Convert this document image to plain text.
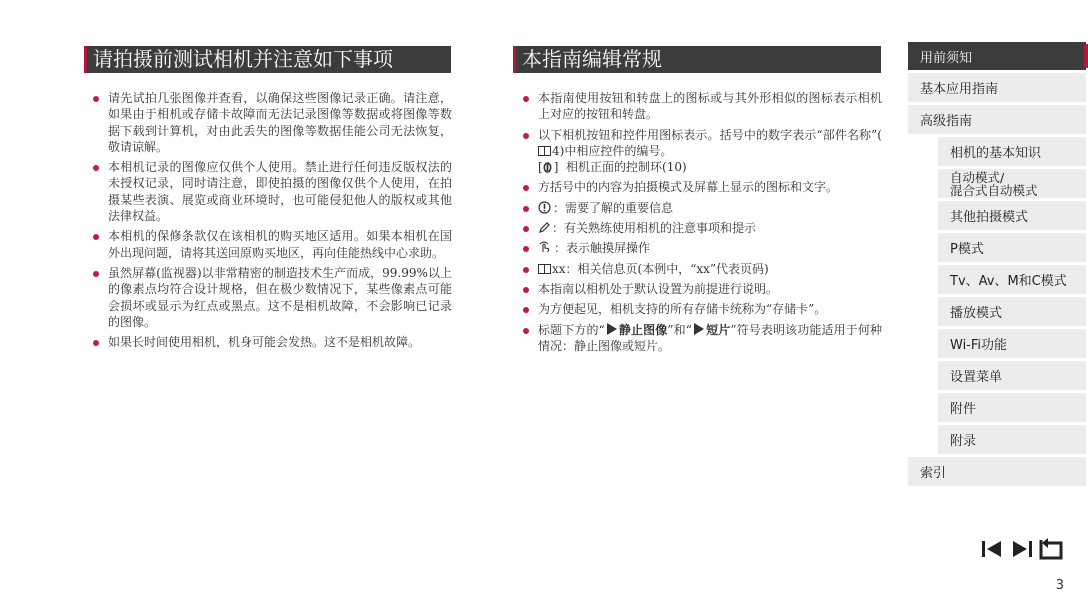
请拍摄前测试相机并注意如下事项
请先试拍几张图像并查看，以确保这些图像记录正确。请注意，如果由于相机或存储卡故障而无法记录图像等数据或将图像等数据下载到计算机，对由此丢失的图像等数据佳能公司无法恢复，敬请谅解。
本相机记录的图像应仅供个人使用。禁止进行任何违反版权法的未授权记录，同时请注意，即使拍摄的图像仅供个人使用，在拍摄某些表演、展览或商业环境时，也可能侵犯他人的版权或其他法律权益。
本相机的保修条款仅在该相机的购买地区适用。如果本相机在国外出现问题，请将其送回原购买地区，再向佳能热线中心求助。
虽然屏幕(监视器)以非常精密的制造技术生产而成，99.99%以上的像素点均符合设计规格，但在极少数情况下，某些像素点可能会损坏或显示为红点或黑点。这不是相机故障，不会影响已记录的图像。
如果长时间使用相机，机身可能会发热。这不是相机故障。
本指南编辑常规
本指南使用按钮和转盘上的图标或与其外形相似的图标表示相机上对应的按钮和转盘。
以下相机按钮和控件用图标表示。括号中的数字表示“部件名称”(4)中相应控件的编号。
[ ] 相机正面的控制环(10)
方括号中的内容为拍摄模式及屏幕上显示的图标和文字。
：需要了解的重要信息
：有关熟练使用相机的注意事项和提示
：表示触摸屏操作
xx：相关信息页(本例中，“xx”代表页码)
本指南以相机处于默认设置为前提进行说明。
为方便起见，相机支持的所有存储卡统称为“存储卡”。
标题下方的“ 静止图像”和“ 短片”符号表明该功能适用于何种情况：静止图像或短片。
用前须知
基本应用指南
高级指南
相机的基本知识
自动模式/
混合式自动模式
其他拍摄模式
P模式
Tv、Av、M和C模式
播放模式
Wi-Fi功能
设置菜单
附件
附录
索引
3
